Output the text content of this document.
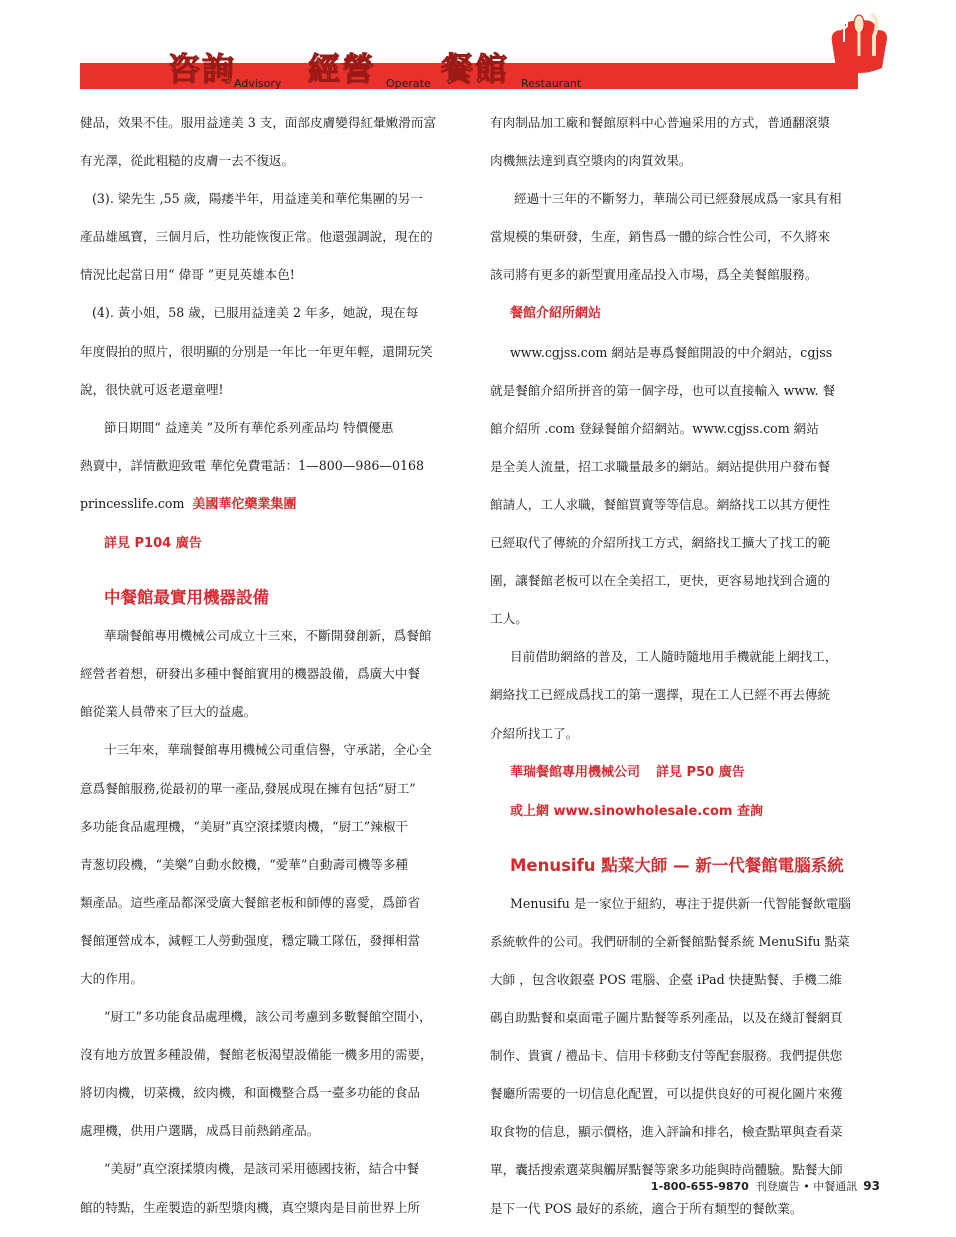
咨詢
Advisory 經營 Operate 餐館 Restaurant

健品，效果不佳。服用益達美 3 支，面部皮膚變得紅暈嫩滑而富

有光澤，從此粗糙的皮膚一去不復返。

(3). 梁先生 ,55 歲，陽痿半年，用益達美和華佗集團的另一

產品雄風寶，三個月后，性功能恢復正常。他還强調說，現在的

情況比起當日用“ 偉哥 ”更見英雄本色!

(4). 黃小姐，58 歲，已服用益達美 2 年多，她說，現在每

年度假拍的照片，很明顯的分別是一年比一年更年輕，還開玩笑

說，很快就可返老還童哩!

節日期間“ 益達美 ”及所有華佗系列產品均 特價優惠

熱賣中，詳情歡迎致電 華佗免費電話：1—800—986—0168

princesslife.com 美國華佗藥業集團

詳見 P104 廣告

中餐館最實用機器設備

華瑞餐館專用機械公司成立十三來，不斷開發創新，爲餐館

經營者着想，研發出多種中餐館實用的機器設備，爲廣大中餐

館從業人員帶來了巨大的益處。

十三年來，華瑞餐館專用機械公司重信譽，守承諾，全心全

意爲餐館服務,從最初的單一產品,發展成現在擁有包括“厨工”

多功能食品處理機，“美厨”真空滾揉漿肉機，“厨工”辣椒干

青葱切段機，“美樂”自動水餃機，“愛華”自動壽司機等多種

類產品。這些產品都深受廣大餐館老板和師傅的喜愛，爲節省

餐館運營成本，減輕工人勞動强度，穩定職工隊伍，發揮相當

大的作用。

“厨工”多功能食品處理機，該公司考慮到多數餐館空間小，

沒有地方放置多種設備，餐館老板渴望設備能一機多用的需要，

將切肉機，切菜機，絞肉機，和面機整合爲一臺多功能的食品

處理機，供用户選購，成爲目前熱銷產品。

“美厨”真空滾揉漿肉機，是該司采用德國技術，結合中餐

館的特點，生産製造的新型漿肉機，真空漿肉是目前世界上所

有肉制品加工廠和餐館原料中心普遍采用的方式，普通翻滾漿

肉機無法達到真空漿肉的肉質效果。

經過十三年的不斷努力，華瑞公司已經發展成爲一家具有相

當規模的集研發，生産，銷售爲一體的綜合性公司，不久將來

該司將有更多的新型實用產品投入市場，爲全美餐館服務。

餐館介紹所網站

www.cgjss.com 網站是專爲餐館開設的中介網站，cgjss

就是餐館介紹所拼音的第一個字母，也可以直接輸入 www. 餐

館介紹所 .com 登録餐館介紹網站。www.cgjss.com 網站

是全美人流量，招工求職量最多的網站。網站提供用户發布餐

館請人，工人求職，餐館買賣等等信息。網絡找工以其方便性

已經取代了傳統的介紹所找工方式，網絡找工擴大了找工的範

圍，讓餐館老板可以在全美招工，更快，更容易地找到合適的

工人。

目前借助網絡的普及，工人隨時隨地用手機就能上網找工，

網絡找工已經成爲找工的第一選擇，現在工人已經不再去傳統

介紹所找工了。

華瑞餐館專用機械公司 詳見 P50 廣告

或上網 www.sinowholesale.com 查詢

Menusifu 點菜大師 — 新一代餐館電腦系統

Menusifu 是一家位于紐約，專注于提供新一代智能餐飲電腦

系統軟件的公司。我們研制的全新餐館點餐系統 MenuSifu 點菜

大師 ，包含收銀臺 POS 電腦、企臺 iPad 快捷點餐、手機二維

碼自助點餐和桌面電子圖片點餐等系列產品，以及在綫訂餐網頁

制作、貴賓 / 禮品卡、信用卡移動支付等配套服務。我們提供您

餐廳所需要的一切信息化配置，可以提供良好的可視化圖片來獲

取食物的信息，顯示價格，進入評論和排名，檢查點單與查看菜

單，囊括搜索選菜與觸屏點餐等衆多功能與時尚體驗。點餐大師

是下一代 POS 最好的系統，適合于所有類型的餐飲業。

1-800-655-9870 刊登廣告 • 中餐通訊 93
